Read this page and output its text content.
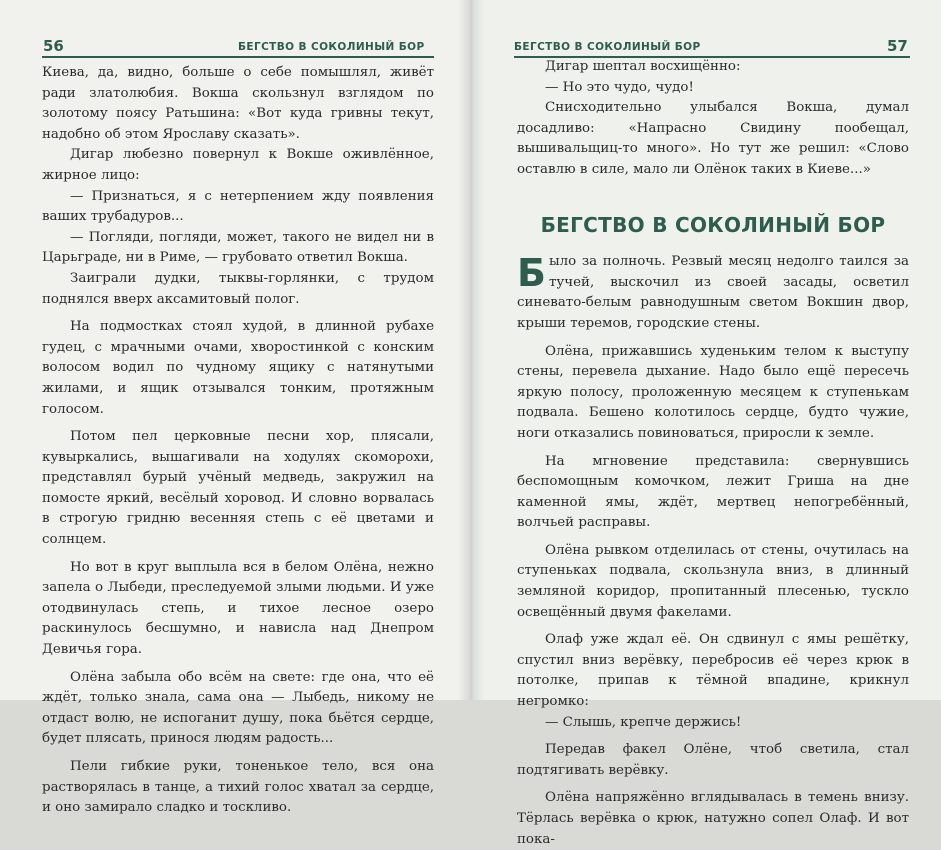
56	БЕГСТВО В СОКОЛИНЫЙ БОР

Киева, да, видно, больше о себе помышлял, живёт ради златолюбия. Вокша скользнул взглядом по золотому поясу Ратьшина: «Вот куда гривны текут, надобно об этом Ярославу сказать».

Дигар любезно повернул к Вокше оживлённое, жирное лицо:

— Признаться, я с нетерпением жду появления ваших трубадуров...

— Погляди, погляди, может, такого не видел ни в Царьграде, ни в Риме, — грубовато ответил Вокша.

Заиграли дудки, тыквы-горлянки, с трудом поднялся вверх аксамитовый полог.

На подмостках стоял худой, в длинной рубахе гудец, с мрачными очами, хворостинкой с конским волосом водил по чудному ящику с натянутыми жилами, и ящик отзывался тонким, протяжным голосом.

Потом пел церковные песни хор, плясали, кувыркались, вышагивали на ходулях скоморохи, представлял бурый учёный медведь, закружил на помосте яркий, весёлый хоровод. И словно ворвалась в строгую гридню весенняя степь с её цветами и солнцем.

Но вот в круг выплыла вся в белом Олёна, нежно запела о Лыбеди, преследуемой злыми людьми. И уже отодвинулась степь, и тихое лесное озеро раскинулось бесшумно, и нависла над Днепром Девичья гора.

Олёна забыла обо всём на свете: где она, что её ждёт, только знала, сама она — Лыбедь, никому не отдаст волю, не испоганит душу, пока бьётся сердце, будет плясать, принося людям радость...

Пели гибкие руки, тоненькое тело, вся она растворялась в танце, а тихий голос хватал за сердце, и оно замирало сладко и тоскливо.

БЕГСТВО В СОКОЛИНЫЙ БОР	57

Дигар шептал восхищённо:

— Но это чудо, чудо!

Снисходительно улыбался Вокша, думал досадливо: «Напрасно Свидину пообещал, вышивальщиц-то много». Но тут же решил: «Слово оставлю в силе, мало ли Олёнок таких в Киеве...»

БЕГСТВО В СОКОЛИНЫЙ БОР

Было за полночь. Резвый месяц недолго таился за тучей, выскочил из своей засады, осветил синевато-белым равнодушным светом Вокшин двор, крыши теремов, городские стены.

Олёна, прижавшись худеньким телом к выступу стены, перевела дыхание. Надо было ещё пересечь яркую полосу, проложенную месяцем к ступенькам подвала. Бешено колотилось сердце, будто чужие, ноги отказались повиноваться, приросли к земле.

На мгновение представила: свернувшись беспомощным комочком, лежит Гриша на дне каменной ямы, ждёт, мертвец непогребённый, волчьей расправы.

Олёна рывком отделилась от стены, очутилась на ступеньках подвала, скользнула вниз, в длинный земляной коридор, пропитанный плесенью, тускло освещённый двумя факелами.

Олаф уже ждал её. Он сдвинул с ямы решётку, спустил вниз верёвку, перебросив её через крюк в потолке, припав к тёмной впадине, крикнул негромко:

— Слышь, крепче держись!

Передав факел Олёне, чтоб светила, стал подтягивать верёвку.

Олёна напряжённо вглядывалась в темень внизу. Тёрлась верёвка о крюк, натужно сопел Олаф. И вот пока-
